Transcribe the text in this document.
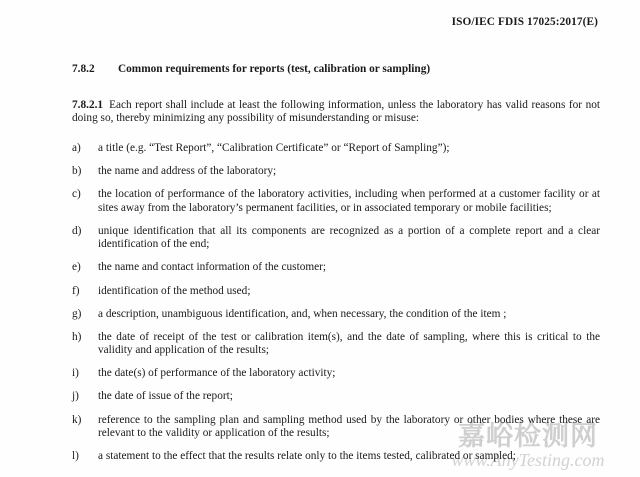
嘉峪检测网
www.AnyTesting.com
ISO/IEC FDIS 17025:2017(E)
7.8.2 Common requirements for reports (test, calibration or sampling)

7.8.2.1 Each report shall include at least the following information, unless the laboratory has valid reasons for not doing so, thereby minimizing any possibility of misunderstanding or misuse:

a)	a title (e.g. “Test Report”, “Calibration Certificate” or “Report of Sampling”);
b)	the name and address of the laboratory;
c)	the location of performance of the laboratory activities, including when performed at a customer facility or at sites away from the laboratory’s permanent facilities, or in associated temporary or mobile facilities;
d)	unique identification that all its components are recognized as a portion of a complete report and a clear identification of the end;
e)	the name and contact information of the customer;
f)	identification of the method used;
g)	a description, unambiguous identification, and, when necessary, the condition of the item ;
h)	the date of receipt of the test or calibration item(s), and the date of sampling, where this is critical to the validity and application of the results;
i)	the date(s) of performance of the laboratory activity;
j)	the date of issue of the report;
k)	reference to the sampling plan and sampling method used by the laboratory or other bodies where these are relevant to the validity or application of the results;
l)	a statement to the effect that the results relate only to the items tested, calibrated or sampled;
